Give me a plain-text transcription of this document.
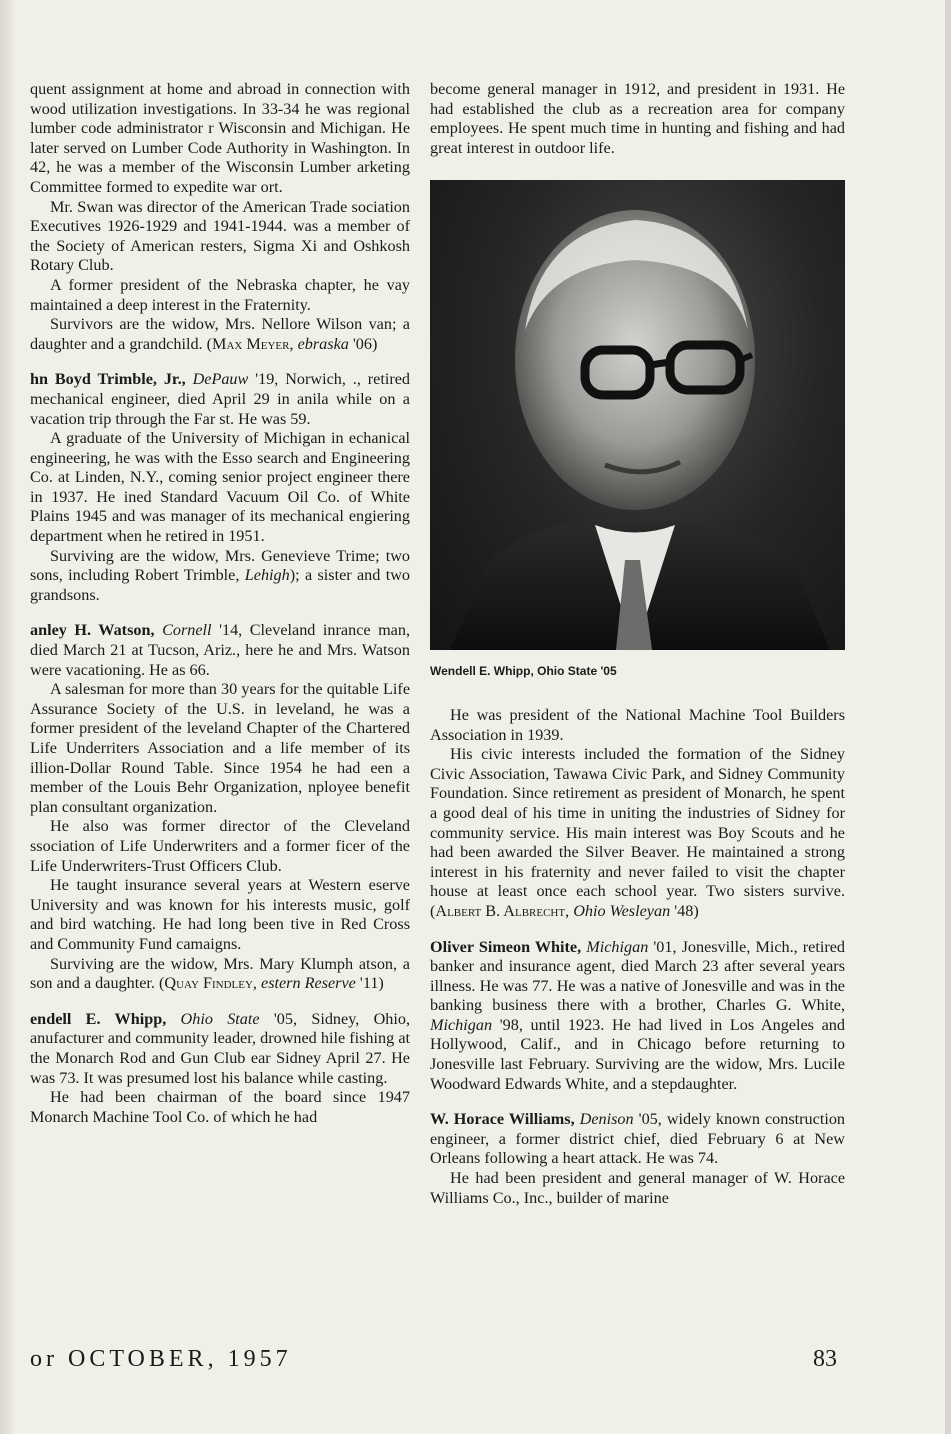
quent assignment at home and abroad in connection with wood utilization investigations. In 33-34 he was regional lumber code administrator r Wisconsin and Michigan. He later served on Lumber Code Authority in Washington. In 42, he was a member of the Wisconsin Lumber arketing Committee formed to expedite war ort.

Mr. Swan was director of the American Trade sociation Executives 1926-1929 and 1941-1944. was a member of the Society of American resters, Sigma Xi and Oshkosh Rotary Club.

A former president of the Nebraska chapter, he vay maintained a deep interest in the Fraternity.

Survivors are the widow, Mrs. Nellore Wilson van; a daughter and a grandchild. (Max Meyer, ebraska '06)

hn Boyd Trimble, Jr., DePauw '19, Norwich, ., retired mechanical engineer, died April 29 in anila while on a vacation trip through the Far st. He was 59.

A graduate of the University of Michigan in echanical engineering, he was with the Esso search and Engineering Co. at Linden, N.Y., coming senior project engineer there in 1937. He ined Standard Vacuum Oil Co. of White Plains 1945 and was manager of its mechanical engiering department when he retired in 1951.

Surviving are the widow, Mrs. Genevieve Trime; two sons, including Robert Trimble, Lehigh); a sister and two grandsons.

anley H. Watson, Cornell '14, Cleveland inrance man, died March 21 at Tucson, Ariz., here he and Mrs. Watson were vacationing. He as 66.

A salesman for more than 30 years for the quitable Life Assurance Society of the U.S. in leveland, he was a former president of the leveland Chapter of the Chartered Life Underriters Association and a life member of its illion-Dollar Round Table. Since 1954 he had een a member of the Louis Behr Organization, nployee benefit plan consultant organization.

He also was former director of the Cleveland ssociation of Life Underwriters and a former ficer of the Life Underwriters-Trust Officers Club.

He taught insurance several years at Western eserve University and was known for his interests music, golf and bird watching. He had long been tive in Red Cross and Community Fund camaigns.

Surviving are the widow, Mrs. Mary Klumph atson, a son and a daughter. (Quay Findley, estern Reserve '11)

endell E. Whipp, Ohio State '05, Sidney, Ohio, anufacturer and community leader, drowned hile fishing at the Monarch Rod and Gun Club ear Sidney April 27. He was 73. It was presumed lost his balance while casting.

He had been chairman of the board since 1947 Monarch Machine Tool Co. of which he had

become general manager in 1912, and president in 1931. He had established the club as a recreation area for company employees. He spent much time in hunting and fishing and had great interest in outdoor life.

Wendell E. Whipp, Ohio State '05

He was president of the National Machine Tool Builders Association in 1939.

His civic interests included the formation of the Sidney Civic Association, Tawawa Civic Park, and Sidney Community Foundation. Since retirement as president of Monarch, he spent a good deal of his time in uniting the industries of Sidney for community service. His main interest was Boy Scouts and he had been awarded the Silver Beaver. He maintained a strong interest in his fraternity and never failed to visit the chapter house at least once each school year. Two sisters survive. (Albert B. Albrecht, Ohio Wesleyan '48)

Oliver Simeon White, Michigan '01, Jonesville, Mich., retired banker and insurance agent, died March 23 after several years illness. He was 77. He was a native of Jonesville and was in the banking business there with a brother, Charles G. White, Michigan '98, until 1923. He had lived in Los Angeles and Hollywood, Calif., and in Chicago before returning to Jonesville last February. Surviving are the widow, Mrs. Lucile Woodward Edwards White, and a stepdaughter.

W. Horace Williams, Denison '05, widely known construction engineer, a former district chief, died February 6 at New Orleans following a heart attack. He was 74.

He had been president and general manager of W. Horace Williams Co., Inc., builder of marine

or OCTOBER, 1957	83
